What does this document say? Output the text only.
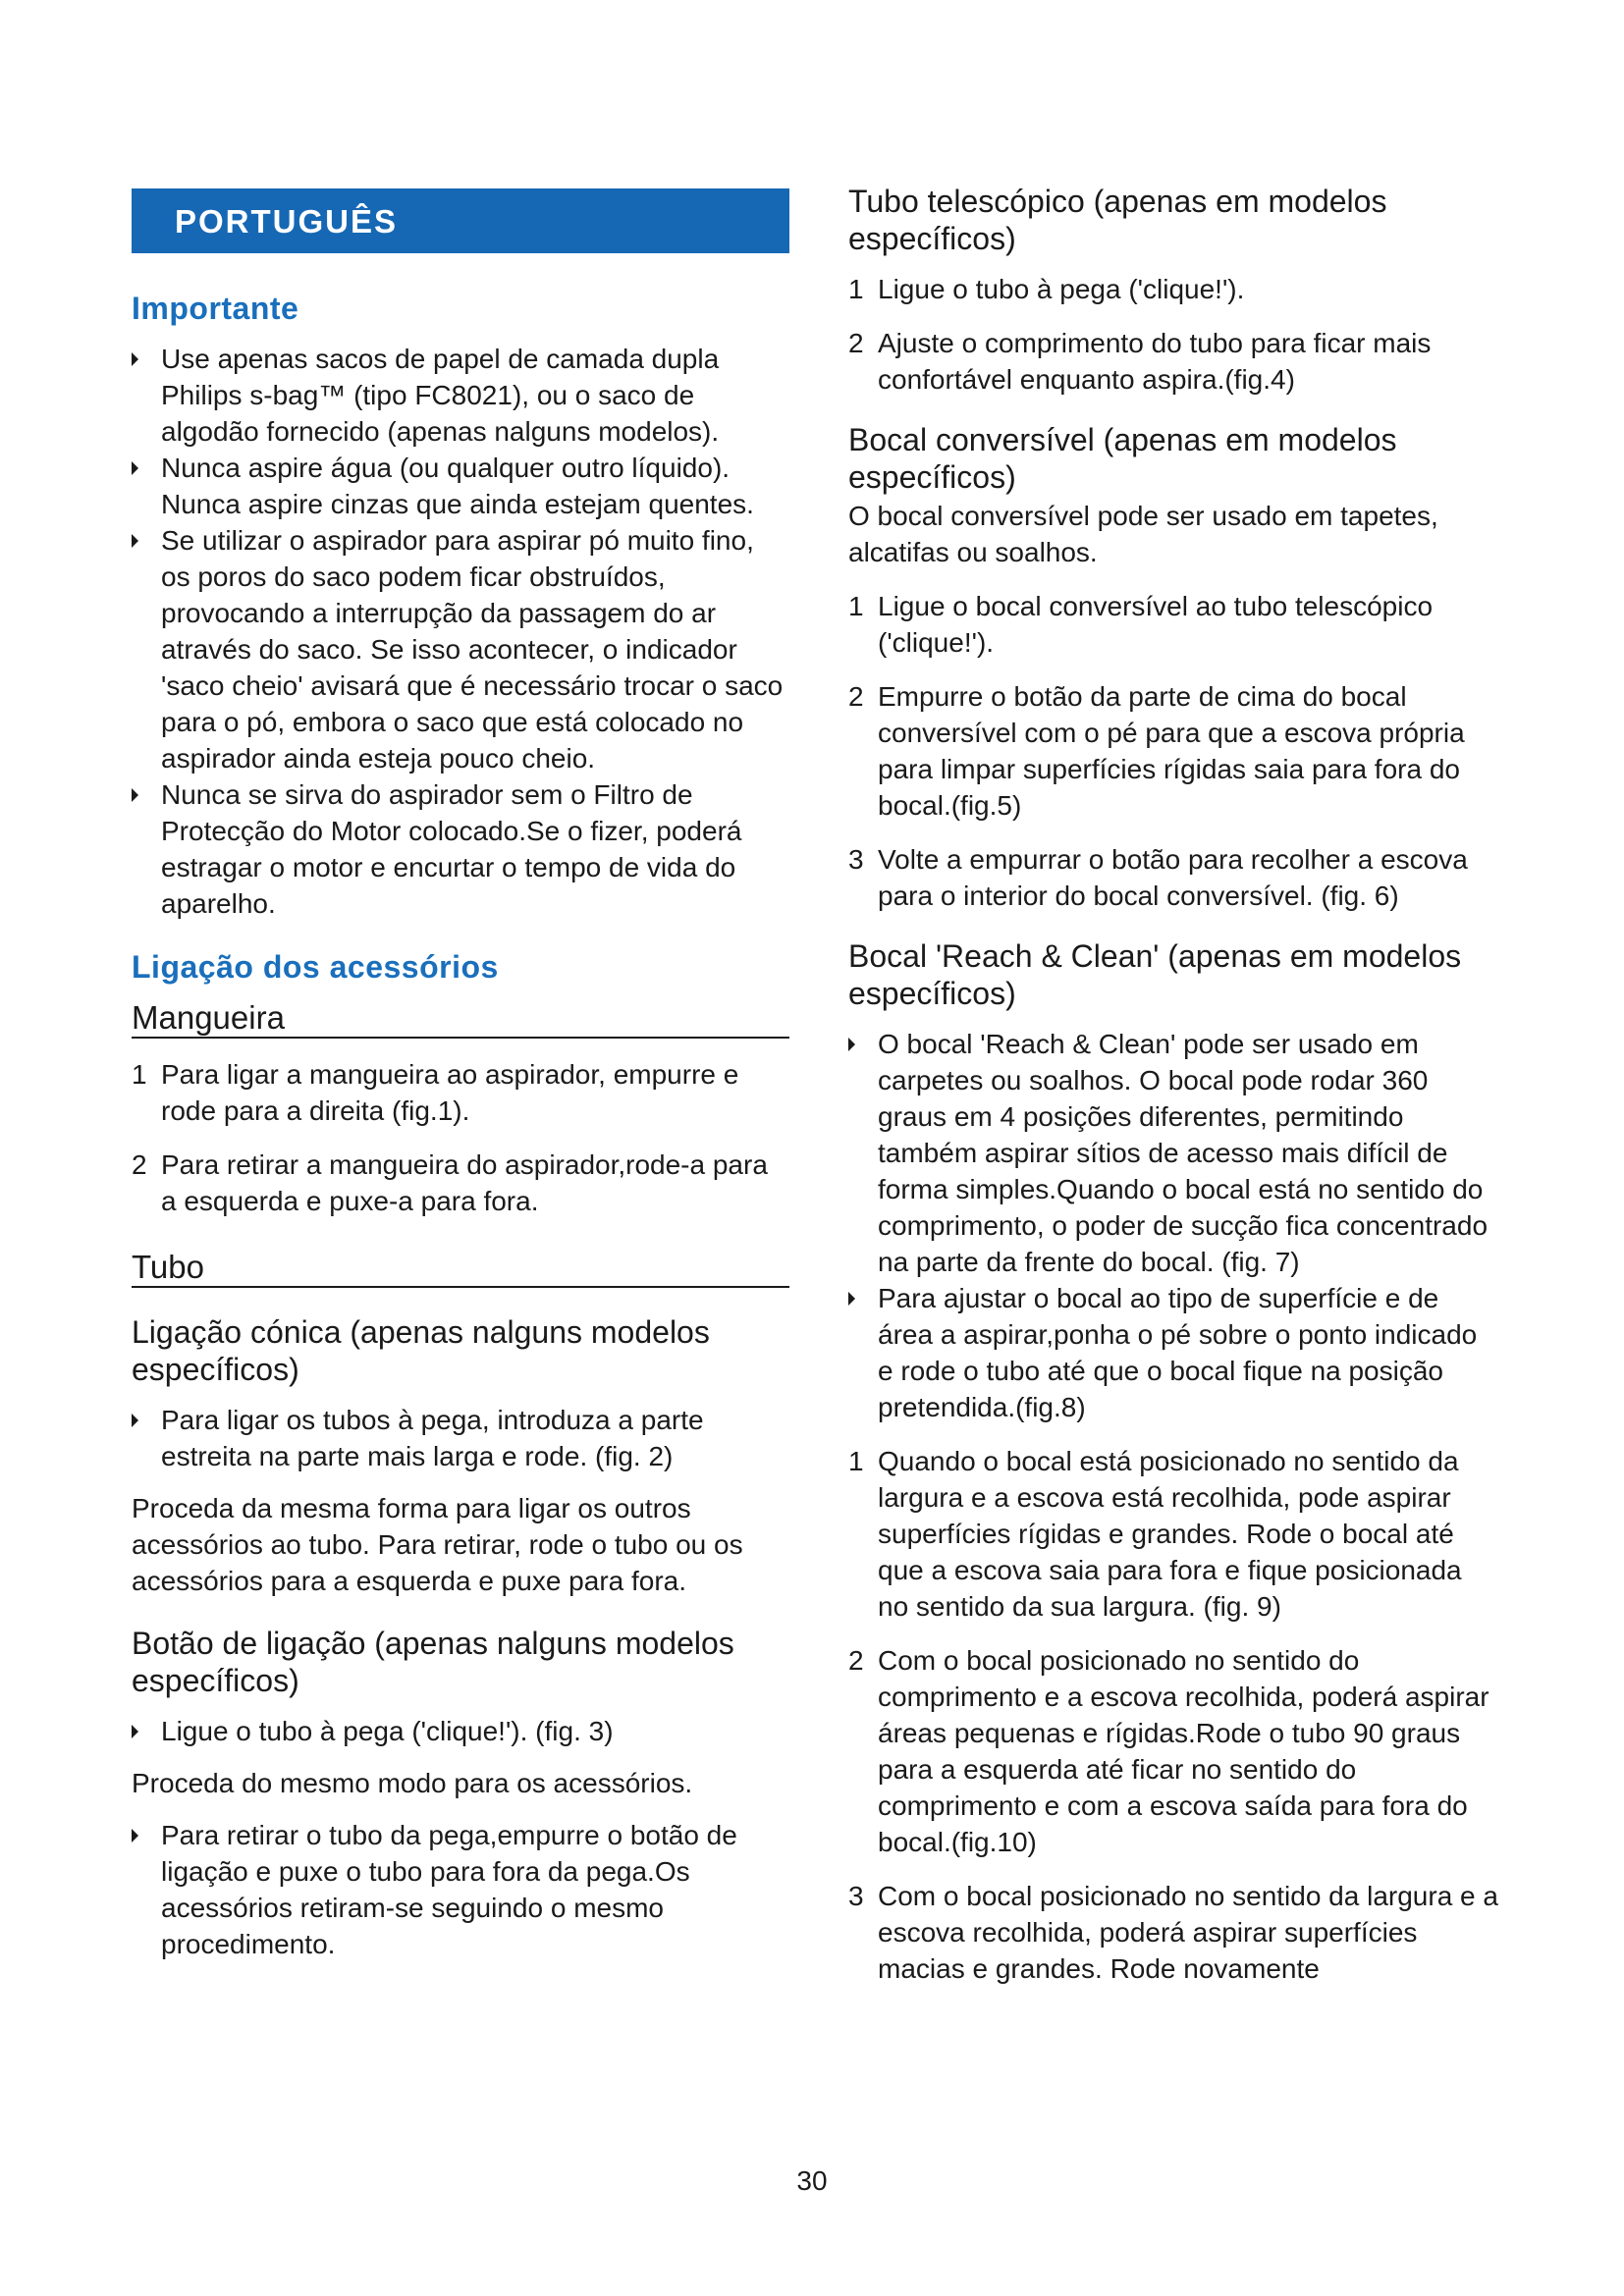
PORTUGUÊS
Importante
Use apenas sacos de papel de camada dupla Philips s-bag™ (tipo FC8021), ou o saco de algodão fornecido (apenas nalguns modelos).
Nunca aspire água (ou qualquer outro líquido). Nunca aspire cinzas que ainda estejam quentes.
Se utilizar o aspirador para aspirar pó muito fino, os poros do saco podem ficar obstruídos, provocando a interrupção da passagem do ar através do saco. Se isso acontecer, o indicador 'saco cheio' avisará que é necessário trocar o saco para o pó, embora o saco que está colocado no aspirador ainda esteja pouco cheio.
Nunca se sirva do aspirador sem o Filtro de Protecção do Motor colocado.Se o fizer, poderá estragar o motor e encurtar o tempo de vida do aparelho.
Ligação dos acessórios
Mangueira
1 Para ligar a mangueira ao aspirador, empurre e rode para a direita (fig.1).
2 Para retirar a mangueira do aspirador,rode-a para a esquerda e puxe-a para fora.
Tubo
Ligação cónica (apenas nalguns modelos específicos)
Para ligar os tubos à pega, introduza a parte estreita na parte mais larga e rode. (fig. 2)
Proceda da mesma forma para ligar os outros acessórios ao tubo. Para retirar, rode o tubo ou os acessórios para a esquerda e puxe para fora.
Botão de ligação (apenas nalguns modelos específicos)
Ligue o tubo à pega ('clique!'). (fig. 3)
Proceda do mesmo modo para os acessórios.
Para retirar o tubo da pega,empurre o botão de ligação e puxe o tubo para fora da pega.Os acessórios retiram-se seguindo o mesmo procedimento.
Tubo telescópico (apenas em modelos específicos)
1 Ligue o tubo à pega ('clique!').
2 Ajuste o comprimento do tubo para ficar mais confortável enquanto aspira.(fig.4)
Bocal conversível (apenas em modelos específicos)
O bocal conversível pode ser usado em tapetes, alcatifas ou soalhos.
1 Ligue o bocal conversível ao tubo telescópico ('clique!').
2 Empurre o botão da parte de cima do bocal conversível com o pé para que a escova própria para limpar superfícies rígidas saia para fora do bocal.(fig.5)
3 Volte a empurrar o botão para recolher a escova para o interior do bocal conversível. (fig. 6)
Bocal 'Reach & Clean' (apenas em modelos específicos)
O bocal 'Reach & Clean' pode ser usado em carpetes ou soalhos. O bocal pode rodar 360 graus em 4 posições diferentes, permitindo também aspirar sítios de acesso mais difícil de forma simples.Quando o bocal está no sentido do comprimento, o poder de sucção fica concentrado na parte da frente do bocal. (fig. 7)
Para ajustar o bocal ao tipo de superfície e de área a aspirar,ponha o pé sobre o ponto indicado e rode o tubo até que o bocal fique na posição pretendida.(fig.8)
1 Quando o bocal está posicionado no sentido da largura e a escova está recolhida, pode aspirar superfícies rígidas e grandes. Rode o bocal até que a escova saia para fora e fique posicionada no sentido da sua largura. (fig. 9)
2 Com o bocal posicionado no sentido do comprimento e a escova recolhida, poderá aspirar áreas pequenas e rígidas.Rode o tubo 90 graus para a esquerda até ficar no sentido do comprimento e com a escova saída para fora do bocal.(fig.10)
3 Com o bocal posicionado no sentido da largura e a escova recolhida, poderá aspirar superfícies macias e grandes. Rode novamente
30
